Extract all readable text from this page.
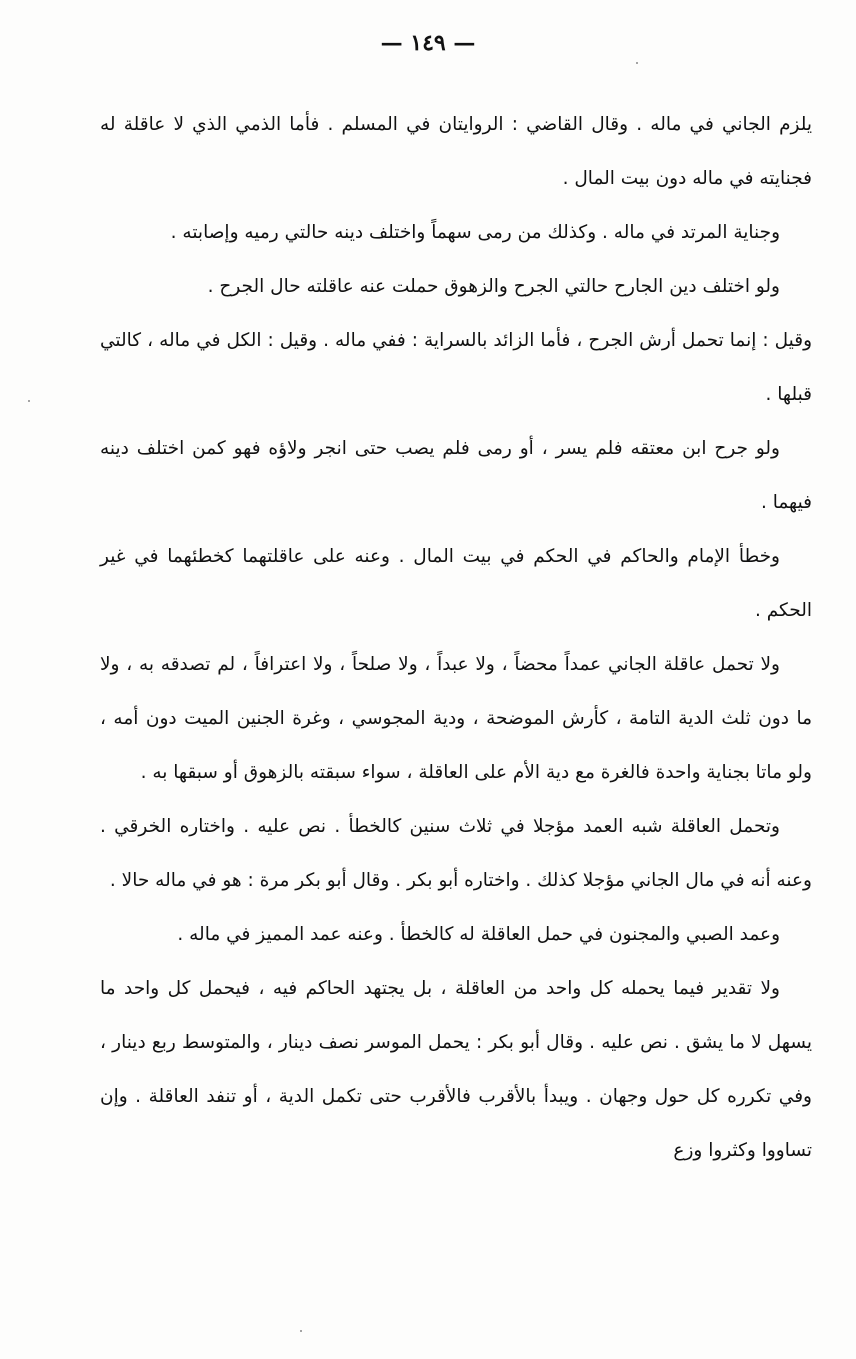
— ١٤٩ —

يلزم الجاني في ماله . وقال القاضي : الروايتان في المسلم . فأما الذمي الذي لا عاقلة له فجنايته في ماله دون بيت المال .

وجناية المرتد في ماله . وكذلك من رمى سهماً واختلف دينه حالتي رميه وإصابته .

ولو اختلف دين الجارح حالتي الجرح والزهوق حملت عنه عاقلته حال الجرح .

وقيل : إنما تحمل أرش الجرح ، فأما الزائد بالسراية : ففي ماله . وقيل : الكل في ماله ، كالتي قبلها .

ولو جرح ابن معتقه فلم يسر ، أو رمى فلم يصب حتى انجر ولاؤه فهو كمن اختلف دينه فيهما .

وخطأ الإمام والحاكم في الحكم في بيت المال . وعنه على عاقلتهما كخطئهما في غير الحكم .

ولا تحمل عاقلة الجاني عمداً محضاً ، ولا عبداً ، ولا صلحاً ، ولا اعترافاً ، لم تصدقه به ، ولا ما دون ثلث الدية التامة ، كأرش الموضحة ، ودية المجوسي ، وغرة الجنين الميت دون أمه ، ولو ماتا بجناية واحدة فالغرة مع دية الأم على العاقلة ، سواء سبقته بالزهوق أو سبقها به .

وتحمل العاقلة شبه العمد مؤجلا في ثلاث سنين كالخطأ . نص عليه . واختاره الخرقي . وعنه أنه في مال الجاني مؤجلا كذلك . واختاره أبو بكر . وقال أبو بكر مرة : هو في ماله حالا .

وعمد الصبي والمجنون في حمل العاقلة له كالخطأ . وعنه عمد المميز في ماله .

ولا تقدير فيما يحمله كل واحد من العاقلة ، بل يجتهد الحاكم فيه ، فيحمل كل واحد ما يسهل لا ما يشق . نص عليه . وقال أبو بكر : يحمل الموسر نصف دينار ، والمتوسط ربع دينار ، وفي تكرره كل حول وجهان . ويبدأ بالأقرب فالأقرب حتى تكمل الدية ، أو تنفد العاقلة . وإن تساووا وكثروا وزع
